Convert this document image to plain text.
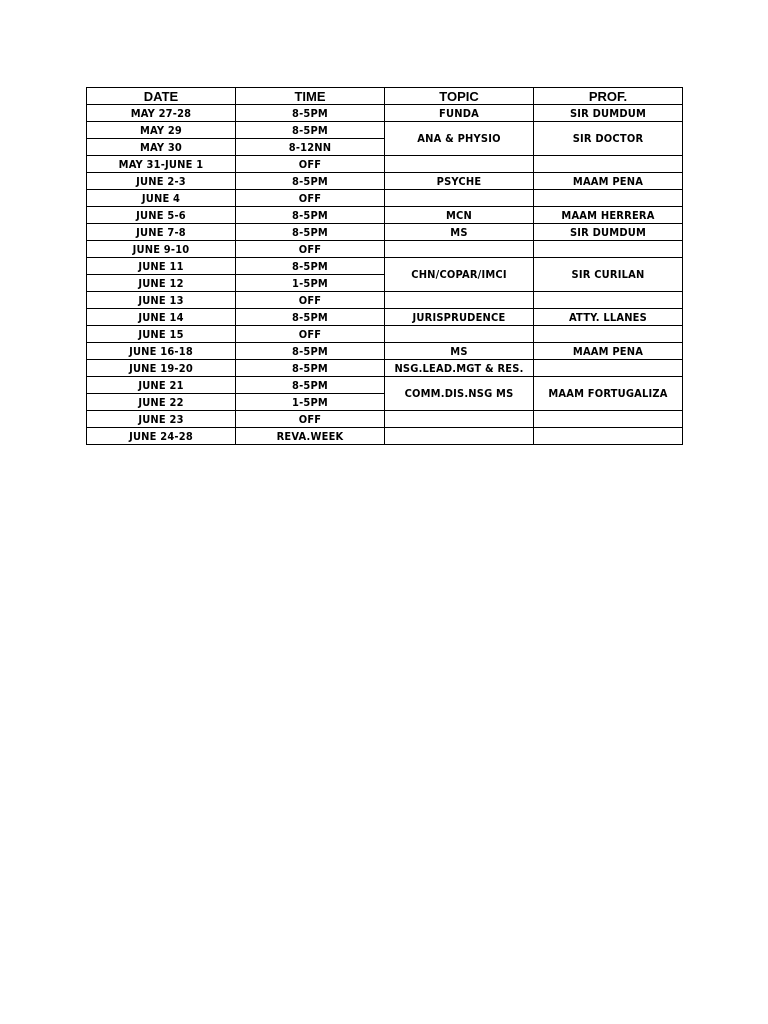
DATE	TIME	TOPIC	PROF.
MAY 27-28	8-5PM	FUNDA	SIR DUMDUM
MAY 29	8-5PM	ANA & PHYSIO	SIR DOCTOR
MAY 30	8-12NN		
MAY 31-JUNE 1	OFF		
JUNE 2-3	8-5PM	PSYCHE	MAAM PENA
JUNE 4	OFF		
JUNE 5-6	8-5PM	MCN	MAAM HERRERA
JUNE 7-8	8-5PM	MS	SIR DUMDUM
JUNE 9-10	OFF		
JUNE 11	8-5PM	CHN/COPAR/IMCI	SIR CURILAN
JUNE 12	1-5PM		
JUNE 13	OFF		
JUNE 14	8-5PM	JURISPRUDENCE	ATTY. LLANES
JUNE 15	OFF		
JUNE 16-18	8-5PM	MS	MAAM PENA
JUNE 19-20	8-5PM	NSG.LEAD.MGT & RES.	
JUNE 21	8-5PM	COMM.DIS.NSG MS	MAAM FORTUGALIZA
JUNE 22	1-5PM		
JUNE 23	OFF		
JUNE 24-28	REVA.WEEK		
